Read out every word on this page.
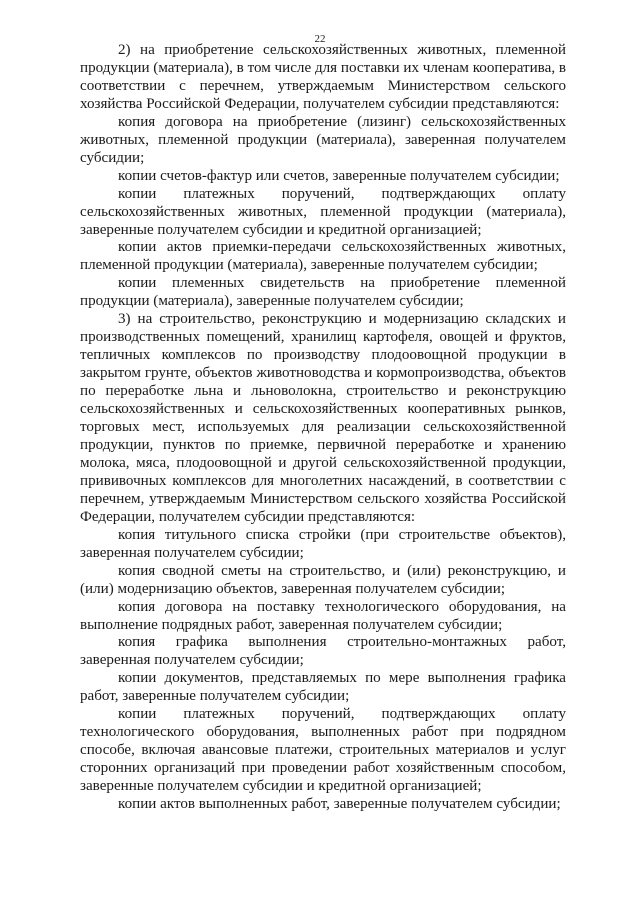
22

2) на приобретение сельскохозяйственных животных, племенной продукции (материала), в том числе для поставки их членам кооператива, в соответствии с перечнем, утверждаемым Министерством сельского хозяйства Российской Федерации, получателем субсидии представляются:

копия договора на приобретение (лизинг) сельскохозяйственных животных, племенной продукции (материала), заверенная получателем субсидии;

копии счетов-фактур или счетов, заверенные получателем субсидии;

копии платежных поручений, подтверждающих оплату сельскохозяйственных животных, племенной продукции (материала), заверенные получателем субсидии и кредитной организацией;

копии актов приемки-передачи сельскохозяйственных животных, племенной продукции (материала), заверенные получателем субсидии;

копии племенных свидетельств на приобретение племенной продукции (материала), заверенные получателем субсидии;

3) на строительство, реконструкцию и модернизацию складских и производственных помещений, хранилищ картофеля, овощей и фруктов, тепличных комплексов по производству плодоовощной продукции в закрытом грунте, объектов животноводства и кормопроизводства, объектов по переработке льна и льноволокна, строительство и реконструкцию сельскохозяйственных и сельскохозяйственных кооперативных рынков, торговых мест, используемых для реализации сельскохозяйственной продукции, пунктов по приемке, первичной переработке и хранению молока, мяса, плодоовощной и другой сельскохозяйственной продукции, прививочных комплексов для многолетних насаждений, в соответствии с перечнем, утверждаемым Министерством сельского хозяйства Российской Федерации, получателем субсидии представляются:

копия титульного списка стройки (при строительстве объектов), заверенная получателем субсидии;

копия сводной сметы на строительство, и (или) реконструкцию, и (или) модернизацию объектов, заверенная получателем субсидии;

копия договора на поставку технологического оборудования, на выполнение подрядных работ, заверенная получателем субсидии;

копия графика выполнения строительно-монтажных работ, заверенная получателем субсидии;

копии документов, представляемых по мере выполнения графика работ, заверенные получателем субсидии;

копии платежных поручений, подтверждающих оплату технологического оборудования, выполненных работ при подрядном способе, включая авансовые платежи, строительных материалов и услуг сторонних организаций при проведении работ хозяйственным способом, заверенные получателем субсидии и кредитной организацией;

копии актов выполненных работ, заверенные получателем субсидии;
